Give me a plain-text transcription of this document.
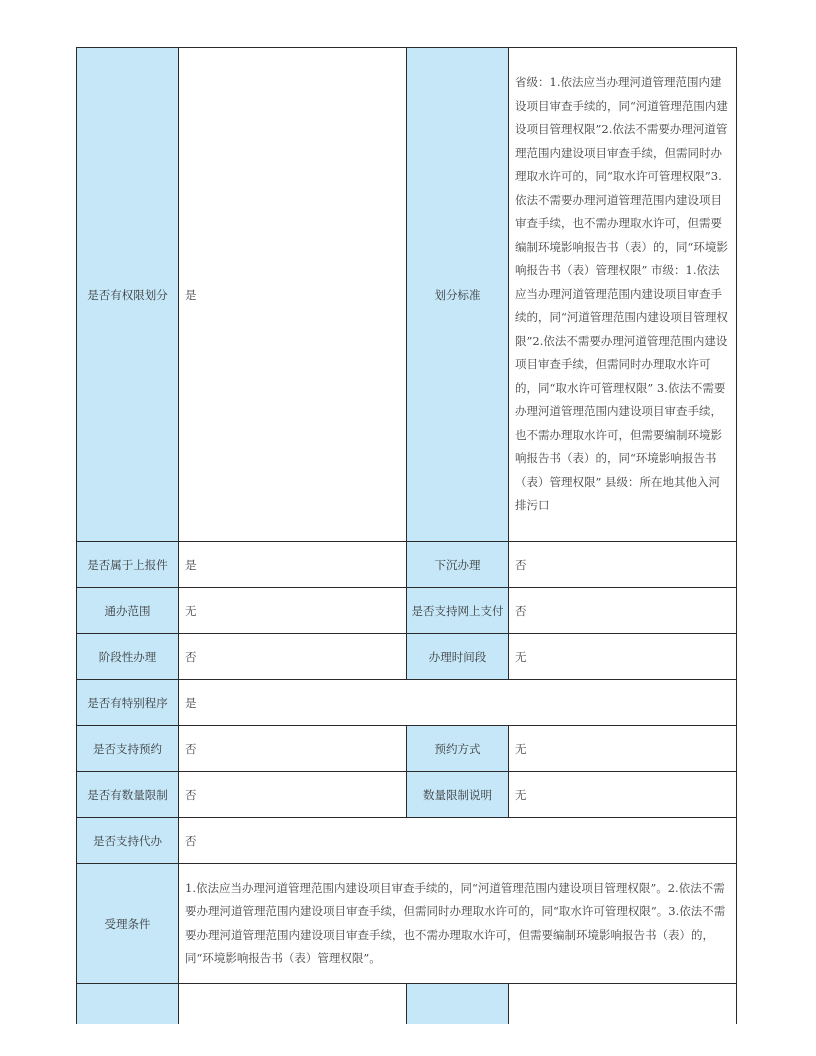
是否有权限划分	是	划分标准	省级：1.依法应当办理河道管理范围内建设项目审查手续的，同“河道管理范围内建设项目管理权限”2.依法不需要办理河道管理范围内建设项目审查手续，但需同时办理取水许可的，同“取水许可管理权限”3.依法不需要办理河道管理范围内建设项目审查手续，也不需办理取水许可，但需要编制环境影响报告书（表）的，同“环境影响报告书（表）管理权限” 市级：1.依法应当办理河道管理范围内建设项目审查手续的，同“河道管理范围内建设项目管理权限”2.依法不需要办理河道管理范围内建设项目审查手续，但需同时办理取水许可的，同“取水许可管理权限” 3.依法不需要办理河道管理范围内建设项目审查手续，也不需办理取水许可，但需要编制环境影响报告书（表）的，同“环境影响报告书（表）管理权限” 县级：所在地其他入河排污口
是否属于上报件	是	下沉办理	否
通办范围	无	是否支持网上支付	否
阶段性办理	否	办理时间段	无
是否有特别程序	是		
是否支持预约	否	预约方式	无
是否有数量限制	否	数量限制说明	无
是否支持代办	否		
受理条件	1.依法应当办理河道管理范围内建设项目审查手续的，同“河道管理范围内建设项目管理权限”。2.依法不需要办理河道管理范围内建设项目审查手续，但需同时办理取水许可的，同“取水许可管理权限”。3.依法不需要办理河道管理范围内建设项目审查手续，也不需办理取水许可，但需要编制环境影响报告书（表）的，同“环境影响报告书（表）管理权限”。		
